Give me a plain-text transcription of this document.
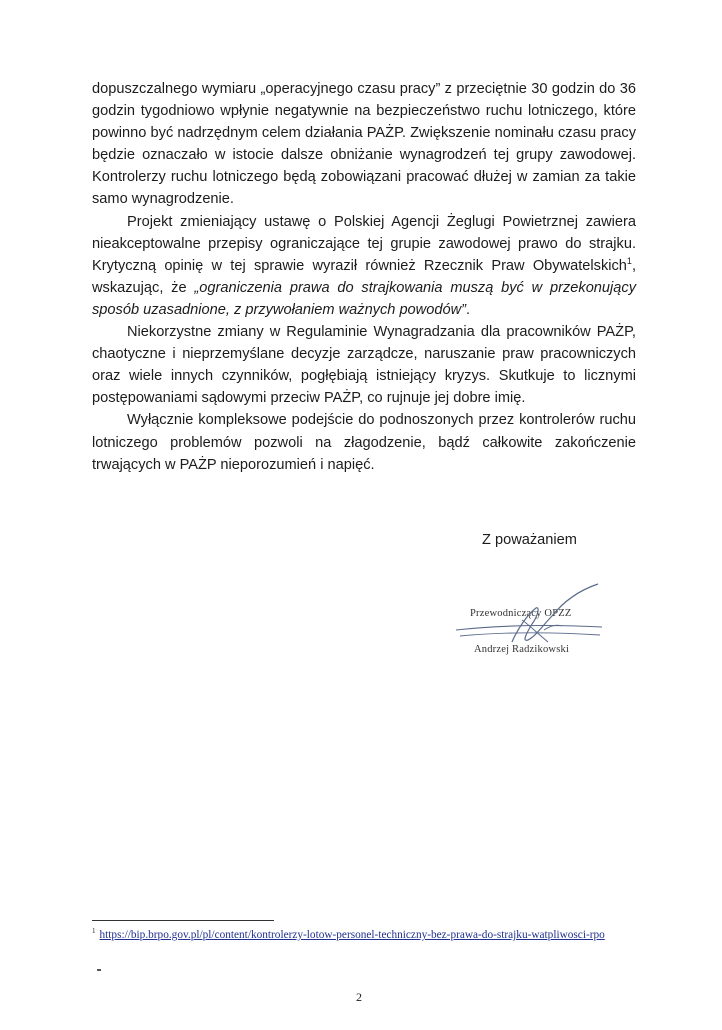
dopuszczalnego wymiaru „operacyjnego czasu pracy” z przeciętnie 30 godzin do 36 godzin tygodniowo wpłynie negatywnie na bezpieczeństwo ruchu lotniczego, które powinno być nadrzędnym celem działania PAŻP. Zwiększenie nominału czasu pracy będzie oznaczało w istocie dalsze obniżanie wynagrodzeń tej grupy zawodowej. Kontrolerzy ruchu lotniczego będą zobowiązani pracować dłużej w zamian za takie samo wynagrodzenie.

Projekt zmieniający ustawę o Polskiej Agencji Żeglugi Powietrznej zawiera nieakceptowalne przepisy ograniczające tej grupie zawodowej prawo do strajku. Krytyczną opinię w tej sprawie wyraził również Rzecznik Praw Obywatelskich$^1$, wskazując, że „ograniczenia prawa do strajkowania muszą być w przekonujący sposób uzasadnione, z przywołaniem ważnych powodów”.

Niekorzystne zmiany w Regulaminie Wynagradzania dla pracowników PAŻP, chaotyczne i nieprzemyślane decyzje zarządcze, naruszanie praw pracowniczych oraz wiele innych czynników, pogłębiają istniejący kryzys. Skutkuje to licznymi postępowaniami sądowymi przeciw PAŻP, co rujnuje jej dobre imię.

Wyłącznie kompleksowe podejście do podnoszonych przez kontrolerów ruchu lotniczego problemów pozwoli na złagodzenie, bądź całkowite zakończenie trwających w PAŻP nieporozumień i napięć.

Z poważaniem
Przewodniczący OPZZ
Andrzej Radzikowski
$^1$ https://bip.brpo.gov.pl/pl/content/kontrolerzy-lotow-personel-techniczny-bez-prawa-do-strajku-watpliwosci-rpo
2
